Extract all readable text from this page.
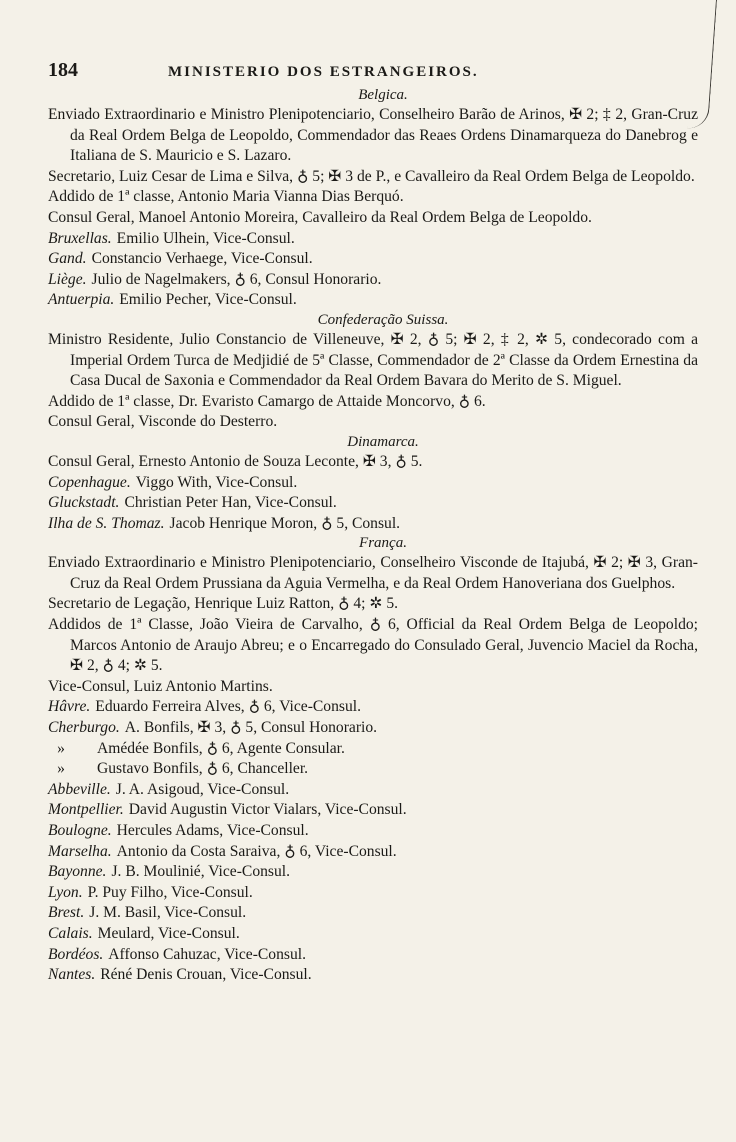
184	MINISTERIO DOS ESTRANGEIROS.
Belgica.

Enviado Extraordinario e Ministro Plenipotenciario, Conselheiro Barão de Arinos, ✠ 2; ‡ 2, Gran-Cruz da Real Ordem Belga de Leopoldo, Commendador das Reaes Ordens Dinamarqueza do Danebrog e Italiana de S. Mauricio e S. Lazaro.

Secretario, Luiz Cesar de Lima e Silva, ♁ 5; ✠ 3 de P., e Cavalleiro da Real Ordem Belga de Leopoldo.

Addido de 1ª classe, Antonio Maria Vianna Dias Berquó.

Consul Geral, Manoel Antonio Moreira, Cavalleiro da Real Ordem Belga de Leopoldo.

Bruxellas. Emilio Ulhein, Vice-Consul.

Gand. Constancio Verhaege, Vice-Consul.

Liège. Julio de Nagelmakers, ♁ 6, Consul Honorario.

Antuerpia. Emilio Pecher, Vice-Consul.

Confederação Suissa.

Ministro Residente, Julio Constancio de Villeneuve, ✠ 2, ♁ 5; ✠ 2, ‡ 2, ✲ 5, condecorado com a Imperial Ordem Turca de Medjidié de 5ª Classe, Commendador de 2ª Classe da Ordem Ernestina da Casa Ducal de Saxonia e Commendador da Real Ordem Bavara do Merito de S. Miguel.

Addido de 1ª classe, Dr. Evaristo Camargo de Attaide Moncorvo, ♁ 6.

Consul Geral, Visconde do Desterro.

Dinamarca.

Consul Geral, Ernesto Antonio de Souza Leconte, ✠ 3, ♁ 5.

Copenhague. Viggo With, Vice-Consul.

Gluckstadt. Christian Peter Han, Vice-Consul.

Ilha de S. Thomaz. Jacob Henrique Moron, ♁ 5, Consul.

França.

Enviado Extraordinario e Ministro Plenipotenciario, Conselheiro Visconde de Itajubá, ✠ 2; ✠ 3, Gran-Cruz da Real Ordem Prussiana da Aguia Vermelha, e da Real Ordem Hanoveriana dos Guelphos.

Secretario de Legação, Henrique Luiz Ratton, ♁ 4; ✲ 5.

Addidos de 1ª Classe, João Vieira de Carvalho, ♁ 6, Official da Real Ordem Belga de Leopoldo; Marcos Antonio de Araujo Abreu; e o Encarregado do Consulado Geral, Juvencio Maciel da Rocha, ✠ 2, ♁ 4; ✲ 5.

Vice-Consul, Luiz Antonio Martins.

Hâvre. Eduardo Ferreira Alves, ♁ 6, Vice-Consul.

Cherburgo. A. Bonfils, ✠ 3, ♁ 5, Consul Honorario.

» Amédée Bonfils, ♁ 6, Agente Consular.

» Gustavo Bonfils, ♁ 6, Chanceller.

Abbeville. J. A. Asigoud, Vice-Consul.

Montpellier. David Augustin Victor Vialars, Vice-Consul.

Boulogne. Hercules Adams, Vice-Consul.

Marselha. Antonio da Costa Saraiva, ♁ 6, Vice-Consul.

Bayonne. J. B. Moulinié, Vice-Consul.

Lyon. P. Puy Filho, Vice-Consul.

Brest. J. M. Basil, Vice-Consul.

Calais. Meulard, Vice-Consul.

Bordéos. Affonso Cahuzac, Vice-Consul.

Nantes. Réné Denis Crouan, Vice-Consul.
